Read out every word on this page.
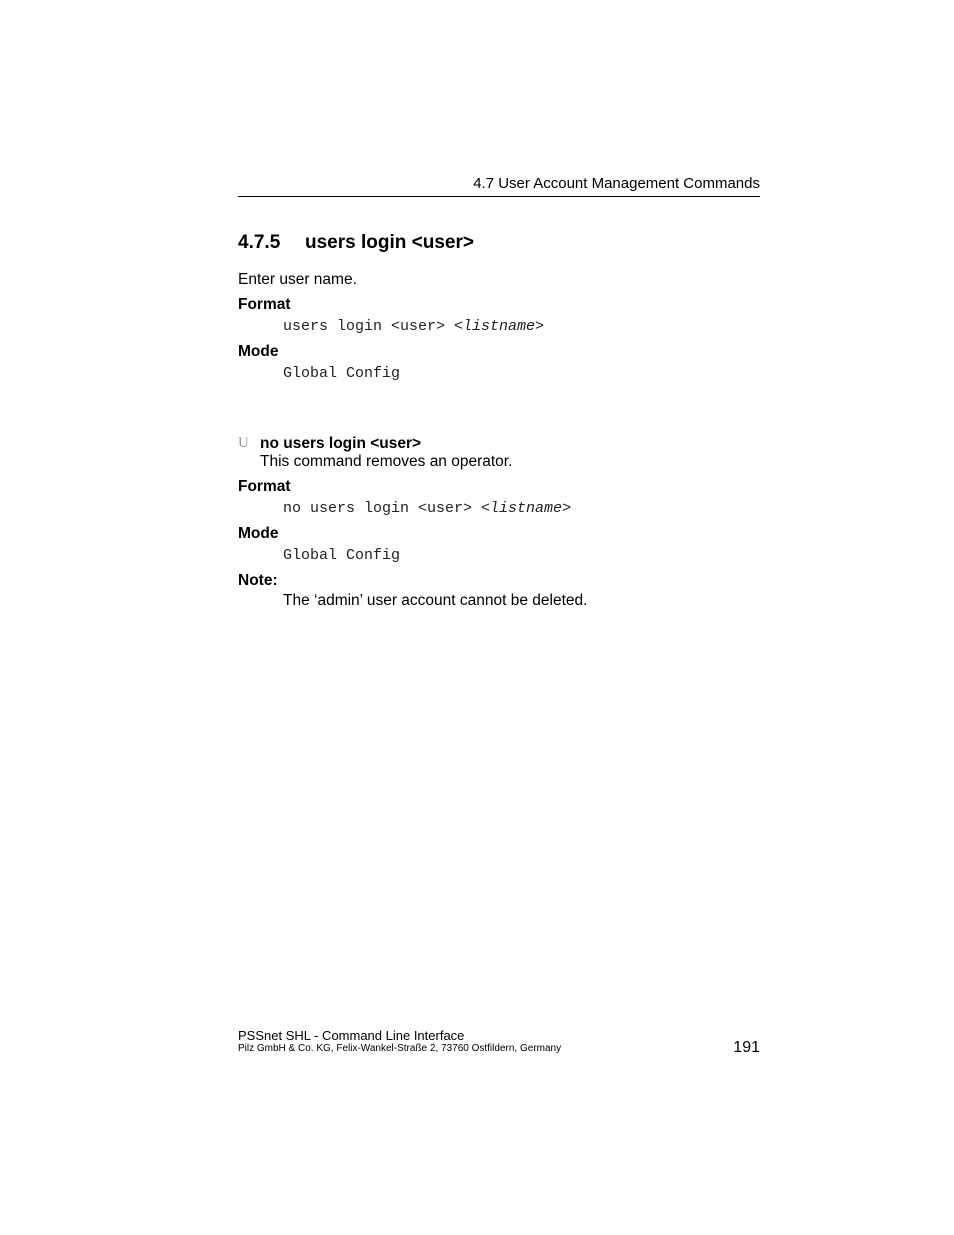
4.7 User Account Management Commands
4.7.5 users login <user>
Enter user name.
Format
users login <user> <listname>
Mode
Global Config
U no users login <user>
This command removes an operator.
Format
no users login <user> <listname>
Mode
Global Config
Note:
The ‘admin’ user account cannot be deleted.
PSSnet SHL - Command Line Interface
Pilz GmbH & Co. KG, Felix-Wankel-Straße 2, 73760 Ostfildern, Germany	191
